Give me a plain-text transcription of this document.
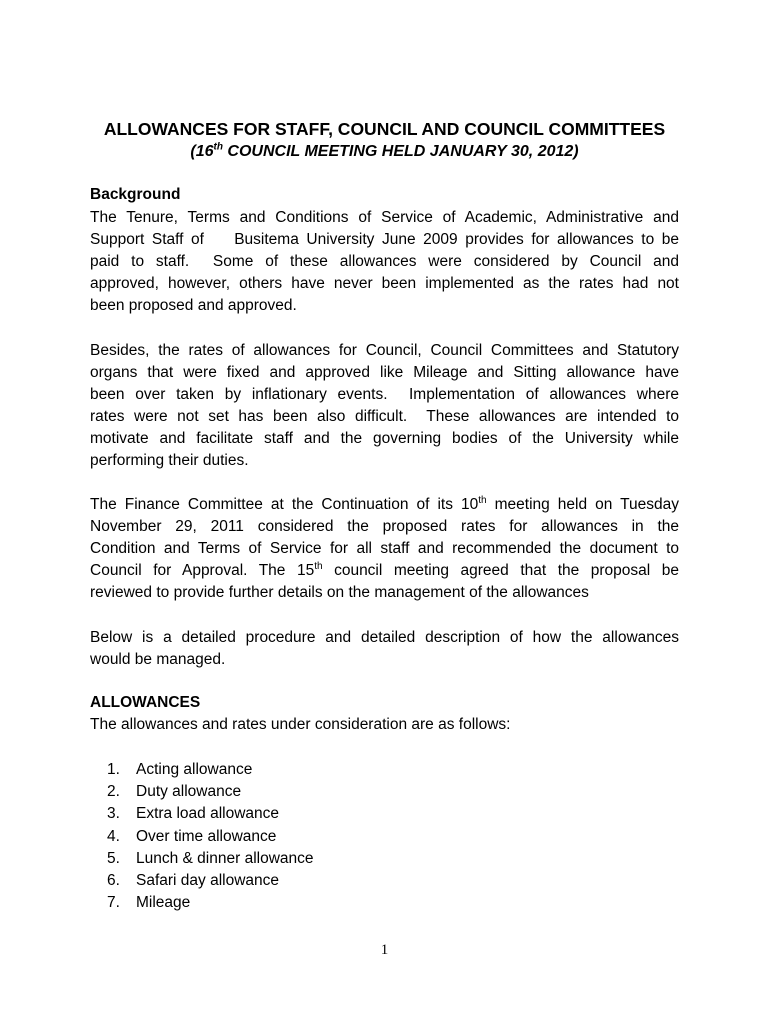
ALLOWANCES FOR STAFF, COUNCIL AND COUNCIL COMMITTEES
(16th COUNCIL MEETING HELD JANUARY 30, 2012)
Background
The Tenure, Terms and Conditions of Service of Academic, Administrative and
Support Staff of    Busitema University June 2009 provides for allowances to be
paid to staff.  Some of these allowances were considered by Council and
approved, however, others have never been implemented as the rates had not
been proposed and approved.
Besides, the rates of allowances for Council, Council Committees and Statutory
organs that were fixed and approved like Mileage and Sitting allowance have
been over taken by inflationary events.  Implementation of allowances where
rates were not set has been also difficult.  These allowances are intended to
motivate and facilitate staff and the governing bodies of the University while
performing their duties.
The Finance Committee at the Continuation of its 10th meeting held on Tuesday
November 29, 2011 considered the proposed rates for allowances in the
Condition and Terms of Service for all staff and recommended the document to
Council for Approval. The 15th council meeting agreed that the proposal be
reviewed to provide further details on the management of the allowances
Below is a detailed procedure and detailed description of how the allowances
would be managed.
ALLOWANCES
The allowances and rates under consideration are as follows:
1. Acting allowance
2. Duty allowance
3. Extra load allowance
4. Over time allowance
5. Lunch & dinner allowance
6. Safari day allowance
7. Mileage
1
